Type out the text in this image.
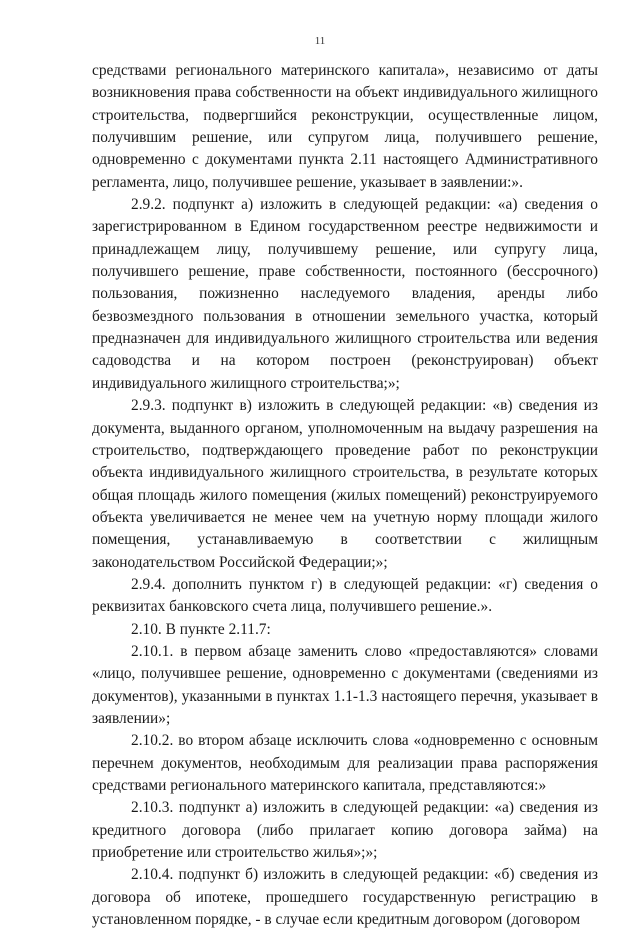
11

средствами регионального материнского капитала», независимо от даты возникновения права собственности на объект индивидуального жилищного строительства, подвергшийся реконструкции, осуществленные лицом, получившим решение, или супругом лица, получившего решение, одновременно с документами пункта 2.11 настоящего Административного регламента, лицо, получившее решение, указывает в заявлении:».

2.9.2. подпункт а) изложить в следующей редакции: «а) сведения о зарегистрированном в Едином государственном реестре недвижимости и принадлежащем лицу, получившему решение, или супругу лица, получившего решение, праве собственности, постоянного (бессрочного) пользования, пожизненно наследуемого владения, аренды либо безвозмездного пользования в отношении земельного участка, который предназначен для индивидуального жилищного строительства или ведения садоводства и на котором построен (реконструирован) объект индивидуального жилищного строительства;»;

2.9.3. подпункт в) изложить в следующей редакции: «в) сведения из документа, выданного органом, уполномоченным на выдачу разрешения на строительство, подтверждающего проведение работ по реконструкции объекта индивидуального жилищного строительства, в результате которых общая площадь жилого помещения (жилых помещений) реконструируемого объекта увеличивается не менее чем на учетную норму площади жилого помещения, устанавливаемую в соответствии с жилищным законодательством Российской Федерации;»;

2.9.4. дополнить пунктом г) в следующей редакции: «г) сведения о реквизитах банковского счета лица, получившего решение.».

2.10. В пункте 2.11.7:

2.10.1. в первом абзаце заменить слово «предоставляются» словами «лицо, получившее решение, одновременно с документами (сведениями из документов), указанными в пунктах 1.1-1.3 настоящего перечня, указывает в заявлении»;

2.10.2. во втором абзаце исключить слова «одновременно с основным перечнем документов, необходимым для реализации права распоряжения средствами регионального материнского капитала, представляются:»

2.10.3. подпункт а) изложить в следующей редакции: «а) сведения из кредитного договора (либо прилагает копию договора займа) на приобретение или строительство жилья»;»;

2.10.4. подпункт б) изложить в следующей редакции: «б) сведения из договора об ипотеке, прошедшего государственную регистрацию в установленном порядке, - в случае если кредитным договором (договором
